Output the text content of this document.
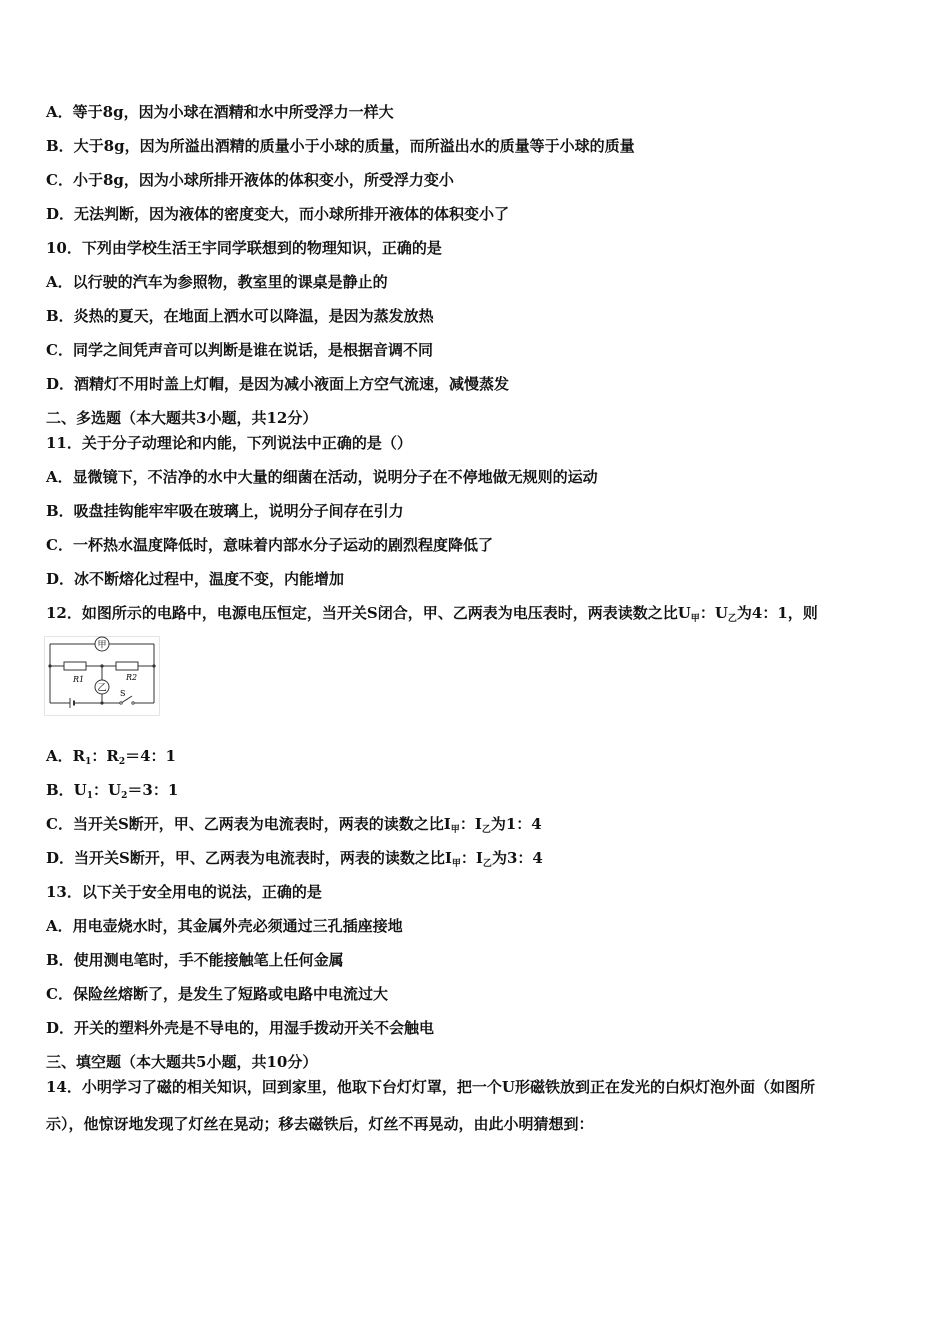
A．等于8g，因为小球在酒精和水中所受浮力一样大
B．大于8g，因为所溢出酒精的质量小于小球的质量，而所溢出水的质量等于小球的质量
C．小于8g，因为小球所排开液体的体积变小，所受浮力变小
D．无法判断，因为液体的密度变大，而小球所排开液体的体积变小了
10．下列由学校生活王宇同学联想到的物理知识，正确的是
A．以行驶的汽车为参照物，教室里的课桌是静止的
B．炎热的夏天，在地面上洒水可以降温，是因为蒸发放热
C．同学之间凭声音可以判断是谁在说话，是根据音调不同
D．酒精灯不用时盖上灯帽，是因为减小液面上方空气流速，减慢蒸发
二、多选题（本大题共3小题，共12分）
11．关于分子动理论和内能，下列说法中正确的是（）
A．显微镜下，不洁净的水中大量的细菌在活动，说明分子在不停地做无规则的运动
B．吸盘挂钩能牢牢吸在玻璃上，说明分子间存在引力
C．一杯热水温度降低时，意味着内部水分子运动的剧烈程度降低了
D．冰不断熔化过程中，温度不变，内能增加
12．如图所示的电路中，电源电压恒定，当开关S闭合，甲、乙两表为电压表时，两表读数之比$U_甲$：$U_乙$为4：1，则
甲
R1	R2
乙 S
A．$R_1$：$R_2=4$：1
B．$U_1$：$U_2=3$：1
C．当开关S断开，甲、乙两表为电流表时，两表的读数之比$I_甲$：$I_乙$为1：4
D．当开关S断开，甲、乙两表为电流表时，两表的读数之比$I_甲$：$I_乙$为3：4
13．以下关于安全用电的说法，正确的是
A．用电壶烧水时，其金属外壳必须通过三孔插座接地
B．使用测电笔时，手不能接触笔上任何金属
C．保险丝熔断了，是发生了短路或电路中电流过大
D．开关的塑料外壳是不导电的，用湿手拨动开关不会触电
三、填空题（本大题共5小题，共10分）
14．小明学习了磁的相关知识，回到家里，他取下台灯灯罩，把一个U形磁铁放到正在发光的白炽灯泡外面（如图所
示），他惊讶地发现了灯丝在晃动；移去磁铁后，灯丝不再晃动，由此小明猜想到：
